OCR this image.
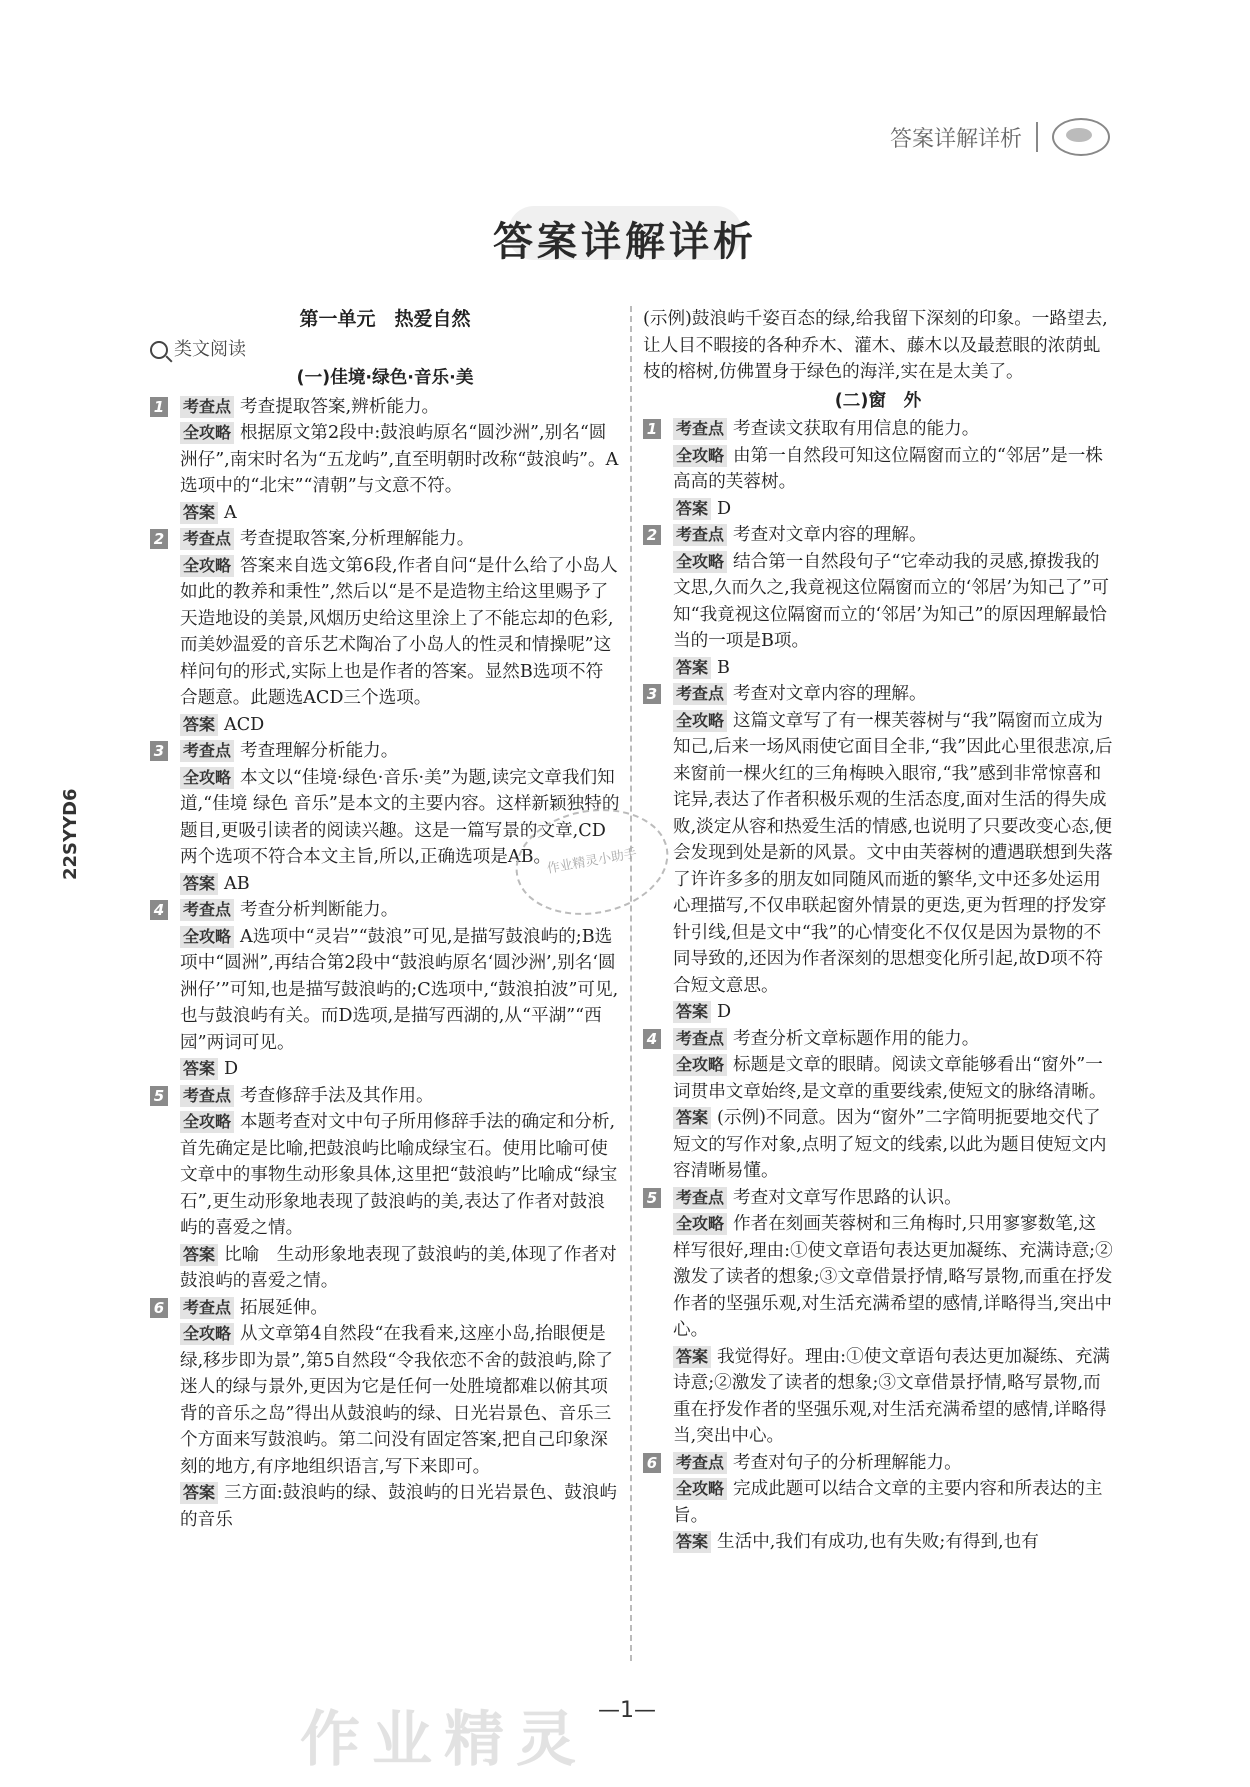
答案详解详析
答案详解详析
22SYYD6
第一单元　热爱自然
类文阅读
(一)佳境·绿色·音乐·美
1 考查点 考查提取答案,辨析能力。

全攻略 根据原文第2段中:鼓浪屿原名“圆沙洲”,别名“圆洲仔”,南宋时名为“五龙屿”,直至明朝时改称“鼓浪屿”。A选项中的“北宋”“清朝”与文意不符。

答案 A

2 考查点 考查提取答案,分析理解能力。

全攻略 答案来自选文第6段,作者自问“是什么给了小岛人如此的教养和秉性”,然后以“是不是造物主给这里赐予了天造地设的美景,风烟历史给这里涂上了不能忘却的色彩,而美妙温爱的音乐艺术陶冶了小岛人的性灵和情操呢”这样问句的形式,实际上也是作者的答案。显然B选项不符合题意。此题选ACD三个选项。

答案 ACD

3 考查点 考查理解分析能力。

全攻略 本文以“佳境·绿色·音乐·美”为题,读完文章我们知道,“佳境 绿色 音乐”是本文的主要内容。这样新颖独特的题目,更吸引读者的阅读兴趣。这是一篇写景的文章,CD两个选项不符合本文主旨,所以,正确选项是AB。

答案 AB

4 考查点 考查分析判断能力。

全攻略 A选项中“灵岩”“鼓浪”可见,是描写鼓浪屿的;B选项中“圆洲”,再结合第2段中“鼓浪屿原名‘圆沙洲’,别名‘圆洲仔’”可知,也是描写鼓浪屿的;C选项中,“鼓浪拍波”可见,也与鼓浪屿有关。而D选项,是描写西湖的,从“平湖”“西园”两词可见。

答案 D

5 考查点 考查修辞手法及其作用。

全攻略 本题考查对文中句子所用修辞手法的确定和分析,首先确定是比喻,把鼓浪屿比喻成绿宝石。使用比喻可使文章中的事物生动形象具体,这里把“鼓浪屿”比喻成“绿宝石”,更生动形象地表现了鼓浪屿的美,表达了作者对鼓浪屿的喜爱之情。

答案 比喻　生动形象地表现了鼓浪屿的美,体现了作者对鼓浪屿的喜爱之情。

6 考查点 拓展延伸。

全攻略 从文章第4自然段“在我看来,这座小岛,抬眼便是绿,移步即为景”,第5自然段“令我依恋不舍的鼓浪屿,除了迷人的绿与景外,更因为它是任何一处胜境都难以俯其项背的音乐之岛”得出从鼓浪屿的绿、日光岩景色、音乐三个方面来写鼓浪屿。第二问没有固定答案,把自己印象深刻的地方,有序地组织语言,写下来即可。

答案 三方面:鼓浪屿的绿、鼓浪屿的日光岩景色、鼓浪屿的音乐

(示例)鼓浪屿千姿百态的绿,给我留下深刻的印象。一路望去,让人目不暇接的各种乔木、灌木、藤木以及最惹眼的浓荫虬枝的榕树,仿佛置身于绿色的海洋,实在是太美了。

(二)窗　外
1 考查点 考查读文获取有用信息的能力。

全攻略 由第一自然段可知这位隔窗而立的“邻居”是一株高高的芙蓉树。

答案 D

2 考查点 考查对文章内容的理解。

全攻略 结合第一自然段句子“它牵动我的灵感,撩拨我的文思,久而久之,我竟视这位隔窗而立的‘邻居’为知己了”可知“我竟视这位隔窗而立的‘邻居’为知己”的原因理解最恰当的一项是B项。

答案 B

3 考查点 考查对文章内容的理解。

全攻略 这篇文章写了有一棵芙蓉树与“我”隔窗而立成为知己,后来一场风雨使它面目全非,“我”因此心里很悲凉,后来窗前一棵火红的三角梅映入眼帘,“我”感到非常惊喜和诧异,表达了作者积极乐观的生活态度,面对生活的得失成败,淡定从容和热爱生活的情感,也说明了只要改变心态,便会发现到处是新的风景。文中由芙蓉树的遭遇联想到失落了许许多多的朋友如同随风而逝的繁华,文中还多处运用心理描写,不仅串联起窗外情景的更迭,更为哲理的抒发穿针引线,但是文中“我”的心情变化不仅仅是因为景物的不同导致的,还因为作者深刻的思想变化所引起,故D项不符合短文意思。

答案 D

4 考查点 考查分析文章标题作用的能力。

全攻略 标题是文章的眼睛。阅读文章能够看出“窗外”一词贯串文章始终,是文章的重要线索,使短文的脉络清晰。

答案 (示例)不同意。因为“窗外”二字简明扼要地交代了短文的写作对象,点明了短文的线索,以此为题目使短文内容清晰易懂。

5 考查点 考查对文章写作思路的认识。

全攻略 作者在刻画芙蓉树和三角梅时,只用寥寥数笔,这样写很好,理由:①使文章语句表达更加凝练、充满诗意;②激发了读者的想象;③文章借景抒情,略写景物,而重在抒发作者的坚强乐观,对生活充满希望的感情,详略得当,突出中心。

答案 我觉得好。理由:①使文章语句表达更加凝练、充满诗意;②激发了读者的想象;③文章借景抒情,略写景物,而重在抒发作者的坚强乐观,对生活充满希望的感情,详略得当,突出中心。

6 考查点 考查对句子的分析理解能力。

全攻略 完成此题可以结合文章的主要内容和所表达的主旨。

答案 生活中,我们有成功,也有失败;有得到,也有

作业精灵小助手
作业精灵 —1—
